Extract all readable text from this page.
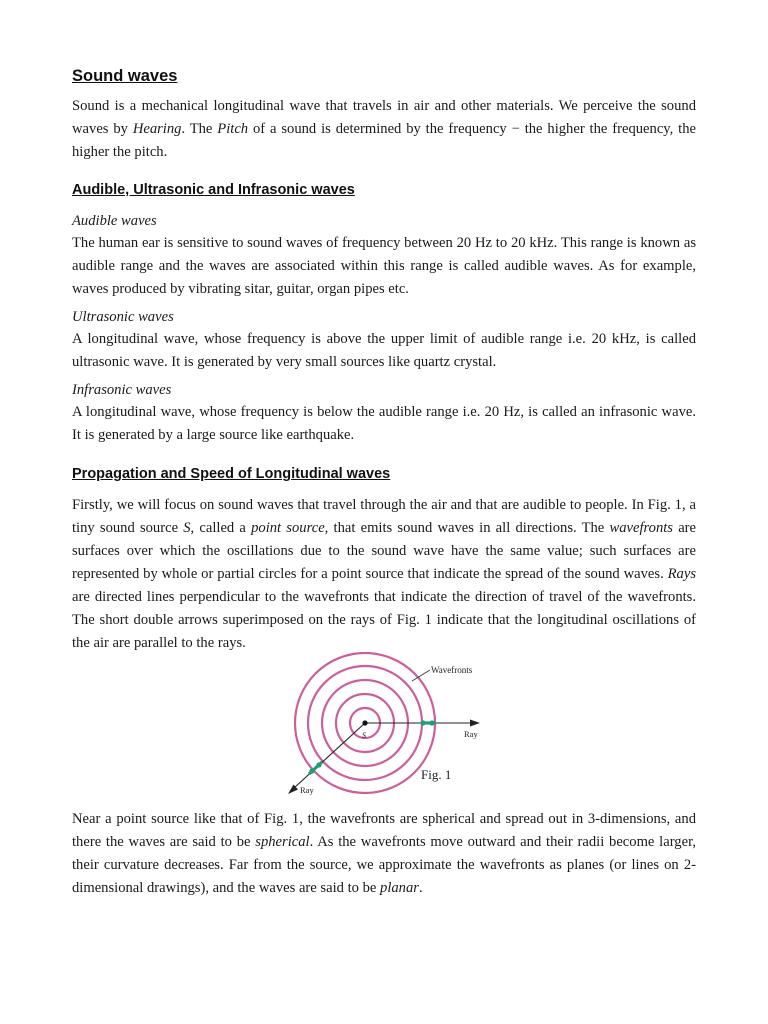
Sound waves

Sound is a mechanical longitudinal wave that travels in air and other materials. We perceive the sound waves by Hearing. The Pitch of a sound is determined by the frequency − the higher the frequency, the higher the pitch.

Audible, Ultrasonic and Infrasonic waves

Audible waves

The human ear is sensitive to sound waves of frequency between 20 Hz to 20 kHz. This range is known as audible range and the waves are associated within this range is called audible waves. As for example, waves produced by vibrating sitar, guitar, organ pipes etc.

Ultrasonic waves

A longitudinal wave, whose frequency is above the upper limit of audible range i.e. 20 kHz, is called ultrasonic wave. It is generated by very small sources like quartz crystal.

Infrasonic waves

A longitudinal wave, whose frequency is below the audible range i.e. 20 Hz, is called an infrasonic wave. It is generated by a large source like earthquake.

Propagation and Speed of Longitudinal waves

Firstly, we will focus on sound waves that travel through the air and that are audible to people. In Fig. 1, a tiny sound source S, called a point source, that emits sound waves in all directions. The wavefronts are surfaces over which the oscillations due to the sound wave have the same value; such surfaces are represented by whole or partial circles for a point source that indicate the spread of the sound waves. Rays are directed lines perpendicular to the wavefronts that indicate the direction of travel of the wavefronts. The short double arrows superimposed on the rays of Fig. 1 indicate that the longitudinal oscillations of the air are parallel to the rays.

S
Wavefronts
Ray
Ray
Fig. 1

Near a point source like that of Fig. 1, the wavefronts are spherical and spread out in 3-dimensions, and there the waves are said to be spherical. As the wavefronts move outward and their radii become larger, their curvature decreases. Far from the source, we approximate the wavefronts as planes (or lines on 2-dimensional drawings), and the waves are said to be planar.
